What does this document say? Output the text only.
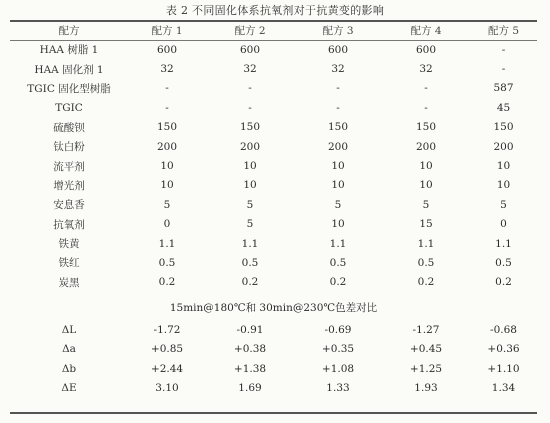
表 2 不同固化体系抗氧剂对于抗黄变的影响
配方	配方 1	配方 2	配方 3	配方 4	配方 5
HAA 树脂 1	600	600	600	600	-
HAA 固化剂 1	32	32	32	32	-
TGIC 固化型树脂	-	-	-	-	587
TGIC	-	-	-	-	45
硫酸钡	150	150	150	150	150
钛白粉	200	200	200	200	200
流平剂	10	10	10	10	10
增光剂	10	10	10	10	10
安息香	5	5	5	5	5
抗氧剂	0	5	10	15	0
铁黄	1.1	1.1	1.1	1.1	1.1
铁红	0.5	0.5	0.5	0.5	0.5
炭黑	0.2	0.2	0.2	0.2	0.2
15min@180℃和 30min@230℃色差对比					
ΔL	-1.72	-0.91	-0.69	-1.27	-0.68
Δa	+0.85	+0.38	+0.35	+0.45	+0.36
Δb	+2.44	+1.38	+1.08	+1.25	+1.10
ΔE	3.10	1.69	1.33	1.93	1.34
